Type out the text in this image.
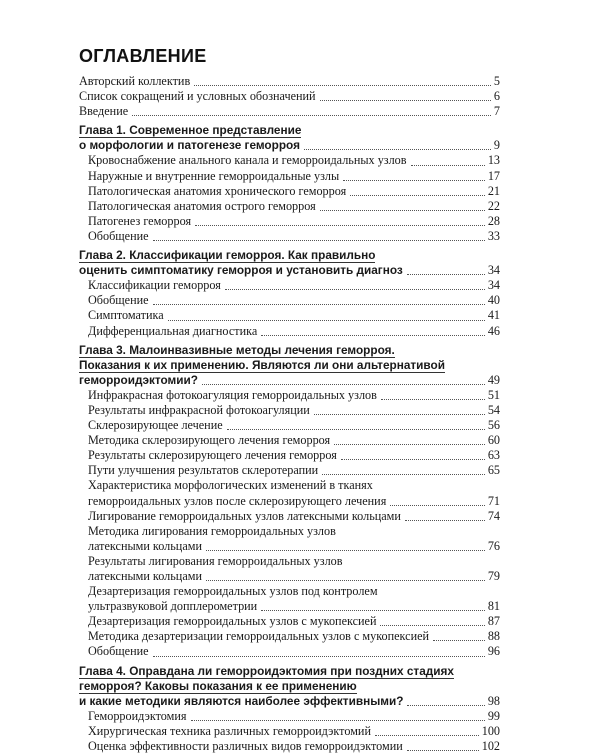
ОГЛАВЛЕНИЕ
Авторский коллектив	5
Список сокращений и условных обозначений	6
Введение	7
Глава 1. Современное представление
о морфологии и патогенезе геморроя	9
Кровоснабжение анального канала и геморроидальных узлов	13
Наружные и внутренние геморроидальные узлы	17
Патологическая анатомия хронического геморроя	21
Патологическая анатомия острого геморроя	22
Патогенез геморроя	28
Обобщение	33
Глава 2. Классификации геморроя. Как правильно
оценить симптоматику геморроя и установить диагноз	34
Классификации геморроя	34
Обобщение	40
Симптоматика	41
Дифференциальная диагностика	46
Глава 3. Малоинвазивные методы лечения геморроя.
Показания к их применению. Являются ли они альтернативой
геморроидэктомии?	49
Инфракрасная фотокоагуляция геморроидальных узлов	51
Результаты инфракрасной фотокоагуляции	54
Склерозирующее лечение	56
Методика склерозирующего лечения геморроя	60
Результаты склерозирующего лечения геморроя	63
Пути улучшения результатов склеротерапии	65
Характеристика морфологических изменений в тканях
геморроидальных узлов после склерозирующего лечения	71
Лигирование геморроидальных узлов латексными кольцами	74
Методика лигирования геморроидальных узлов
латексными кольцами	76
Результаты лигирования геморроидальных узлов
латексными кольцами	79
Дезартеризация геморроидальных узлов под контролем
ультразвуковой допплерометрии	81
Дезартеризация геморроидальных узлов с мукопексией	87
Методика дезартеризации геморроидальных узлов с мукопексией	88
Обобщение	96
Глава 4. Оправдана ли геморроидэктомия при поздних стадиях
геморроя? Каковы показания к ее применению
и какие методики являются наиболее эффективными?	98
Геморроидэктомия	99
Хирургическая техника различных геморроидэктомий	100
Оценка эффективности различных видов геморроидэктомии	102
